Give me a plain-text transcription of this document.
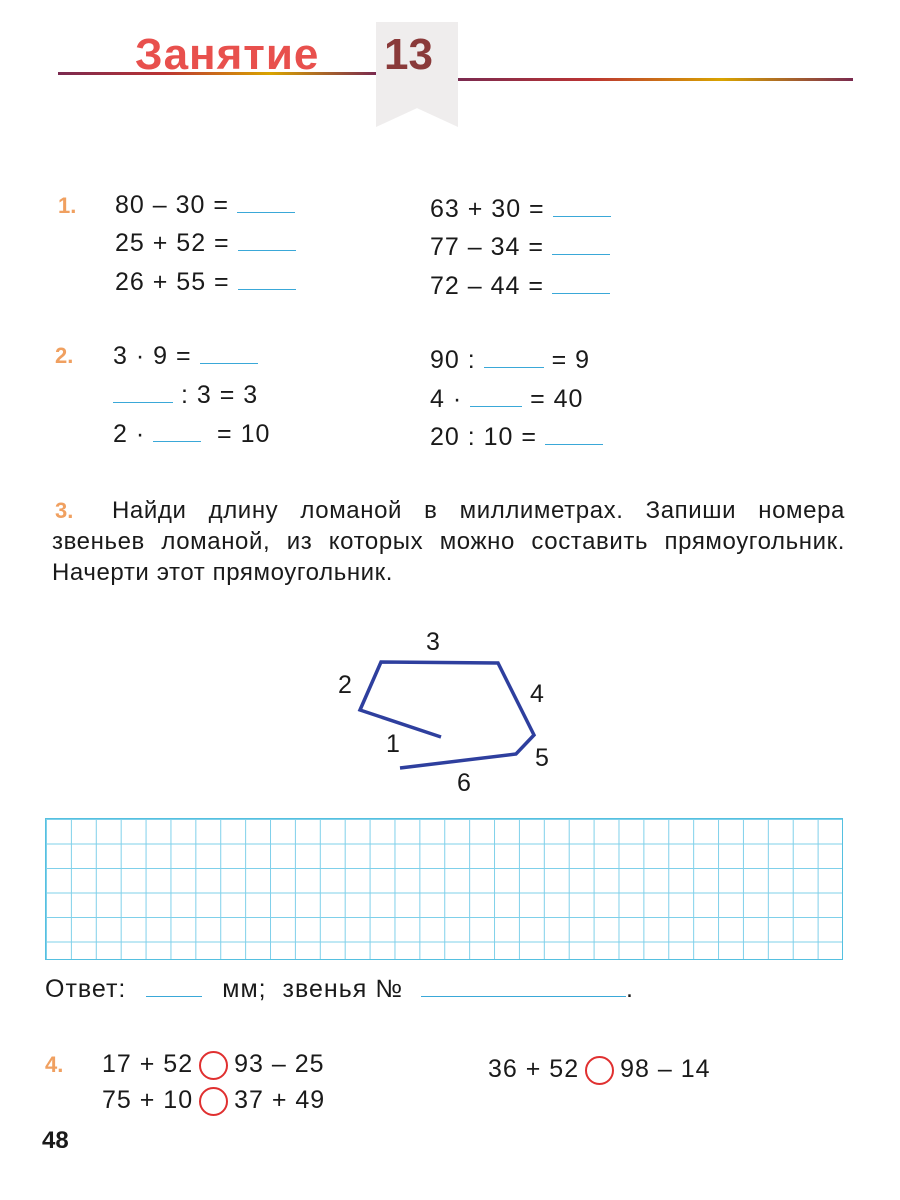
Занятие 13
1. 80 – 30 =
25 + 52 =
26 + 55 =
63 + 30 =
77 – 34 =
72 – 44 =
2. 3 · 9 =
: 3 = 3
2 ·	= 10
90 :	= 9
4 ·	= 40
20 : 10 =
3.	Найди длину ломаной в миллиметрах. Запиши номера звеньев ломаной, из которых можно составить прямоугольник. Начерти этот прямоугольник.
1
2
3
4
5
6
Ответ:	мм; звенья №	.
4. 17 + 52 93 – 25
75 + 10 37 + 49
36 + 52 98 – 14
48
